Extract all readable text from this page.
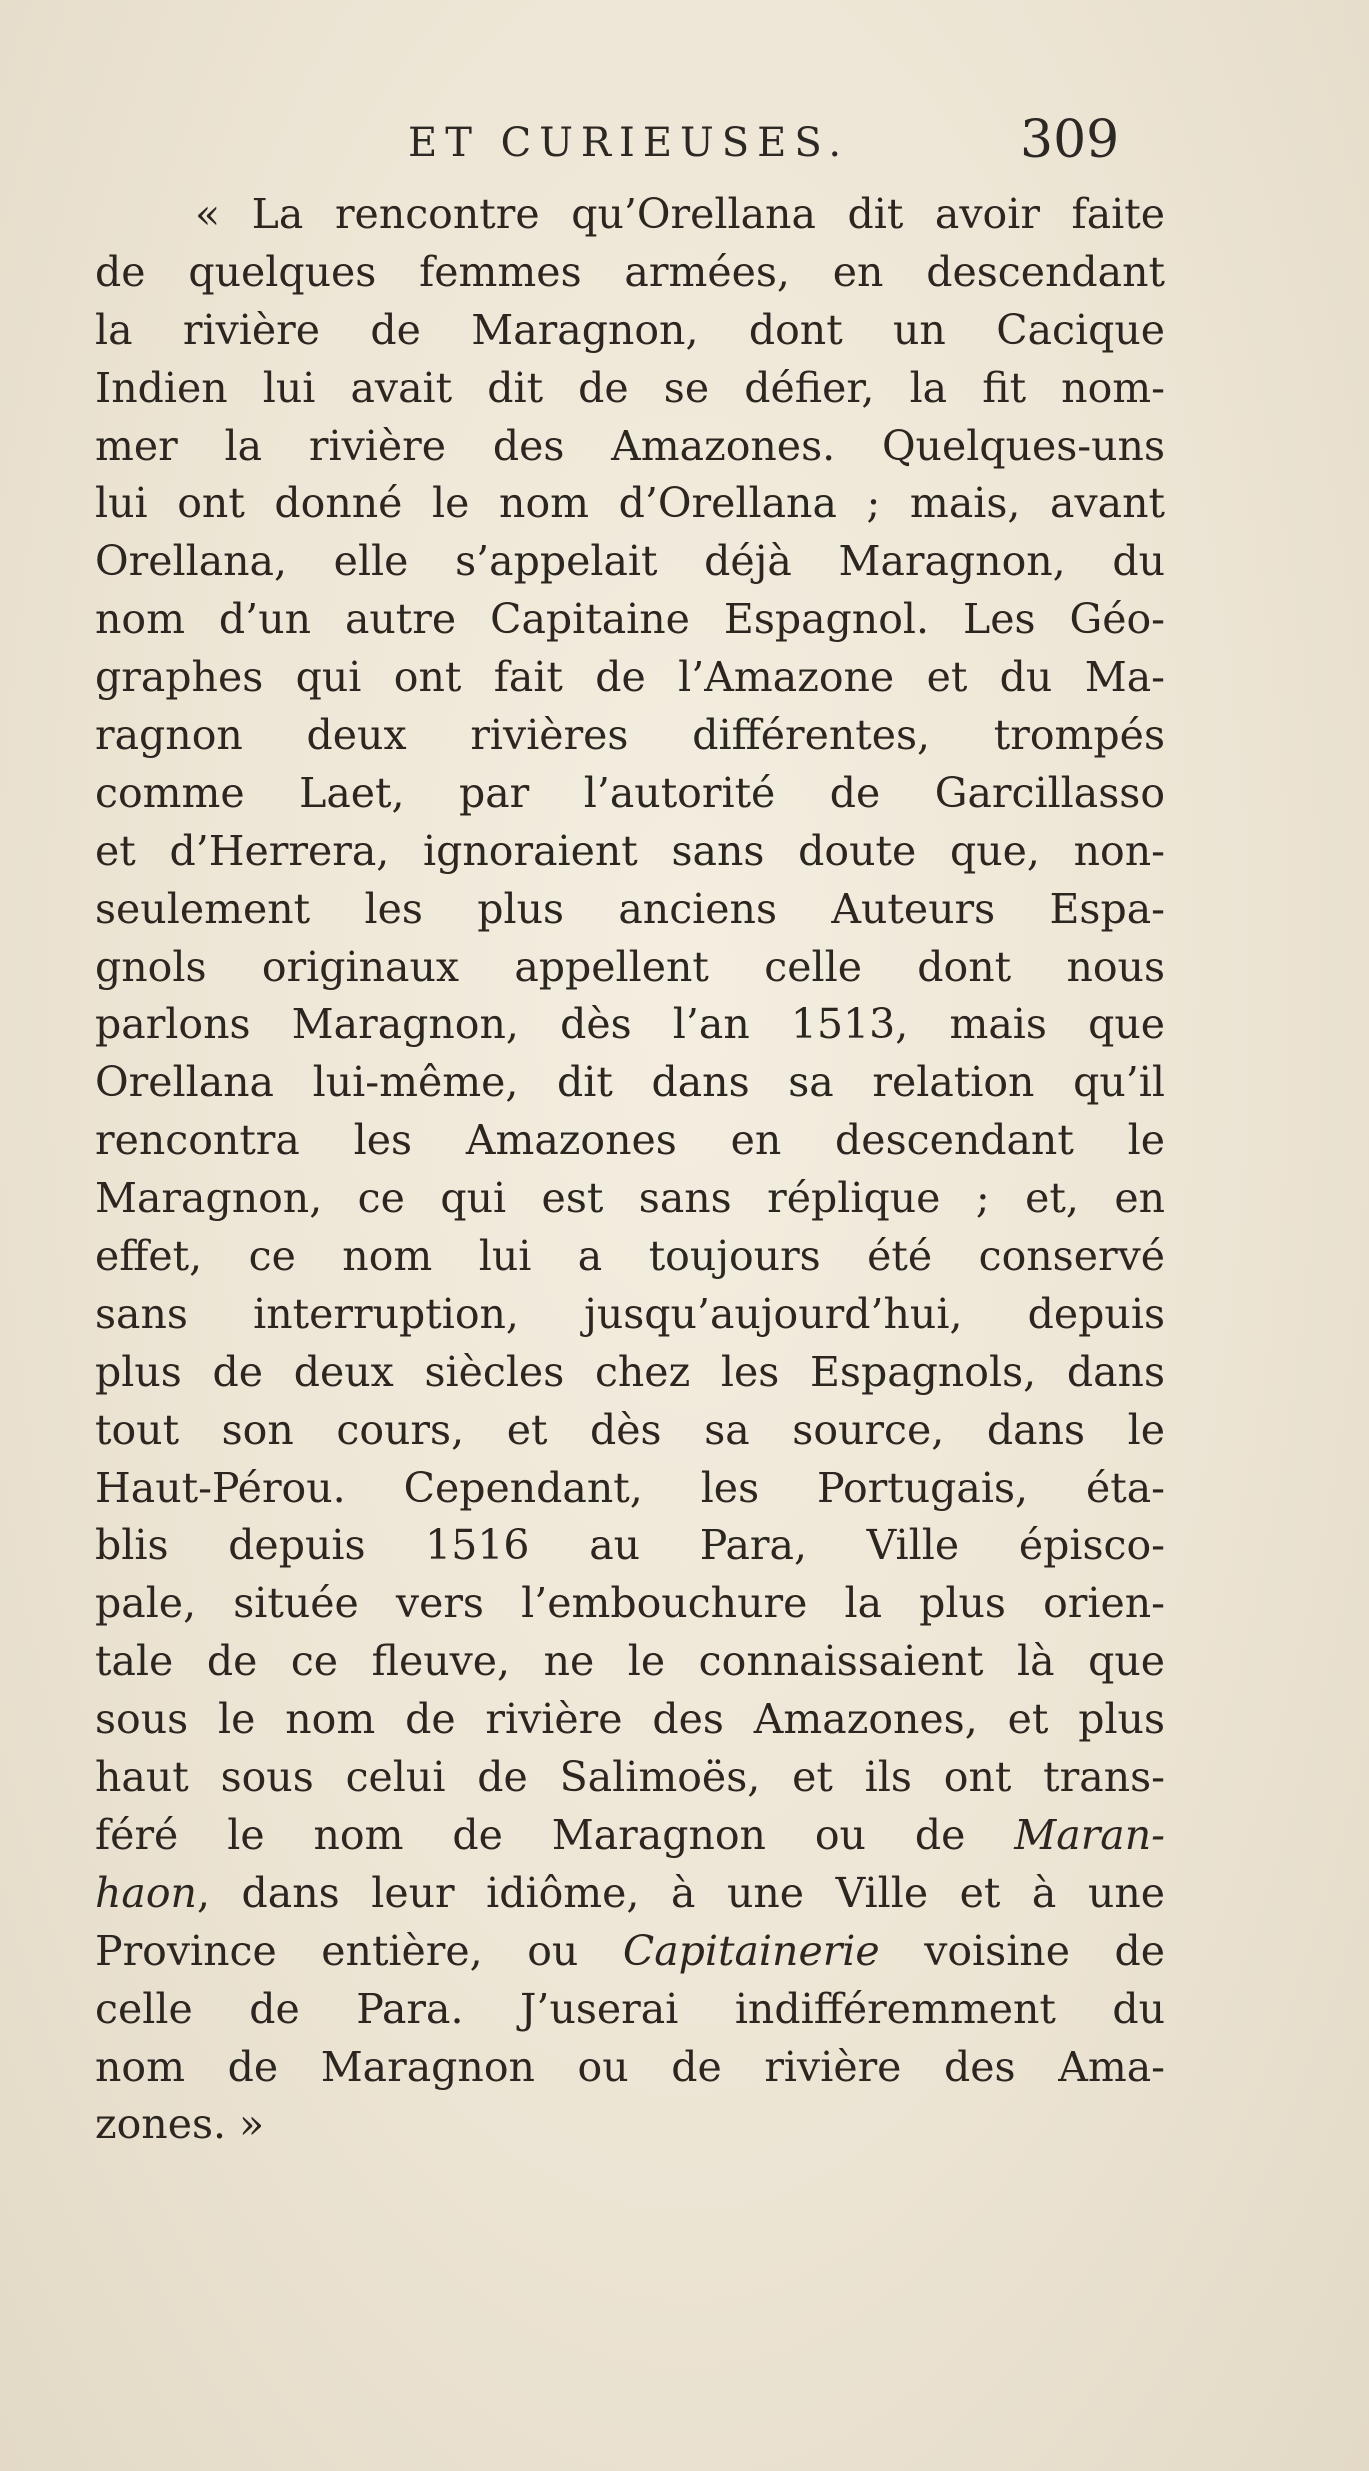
ET CURIEUSES.	309
« La rencontre qu’Orellana dit avoir faite
de quelques femmes armées, en descendant
la rivière de Maragnon, dont un Cacique
Indien lui avait dit de se défier, la fit nom-
mer la rivière des Amazones. Quelques-uns
lui ont donné le nom d’Orellana ; mais, avant
Orellana, elle s’appelait déjà Maragnon, du
nom d’un autre Capitaine Espagnol. Les Géo-
graphes qui ont fait de l’Amazone et du Ma-
ragnon deux rivières différentes, trompés
comme Laet, par l’autorité de Garcillasso
et d’Herrera, ignoraient sans doute que, non-
seulement les plus anciens Auteurs Espa-
gnols originaux appellent celle dont nous
parlons Maragnon, dès l’an 1513, mais que
Orellana lui-même, dit dans sa relation qu’il
rencontra les Amazones en descendant le
Maragnon, ce qui est sans réplique ; et, en
effet, ce nom lui a toujours été conservé
sans interruption, jusqu’aujourd’hui, depuis
plus de deux siècles chez les Espagnols, dans
tout son cours, et dès sa source, dans le
Haut-Pérou. Cependant, les Portugais, éta-
blis depuis 1516 au Para, Ville épisco-
pale, située vers l’embouchure la plus orien-
tale de ce fleuve, ne le connaissaient là que
sous le nom de rivière des Amazones, et plus
haut sous celui de Salimoës, et ils ont trans-
féré le nom de Maragnon ou de Maran-
haon, dans leur idiôme, à une Ville et à une
Province entière, ou Capitainerie voisine de
celle de Para. J’userai indifféremment du
nom de Maragnon ou de rivière des Ama-
zones. »
